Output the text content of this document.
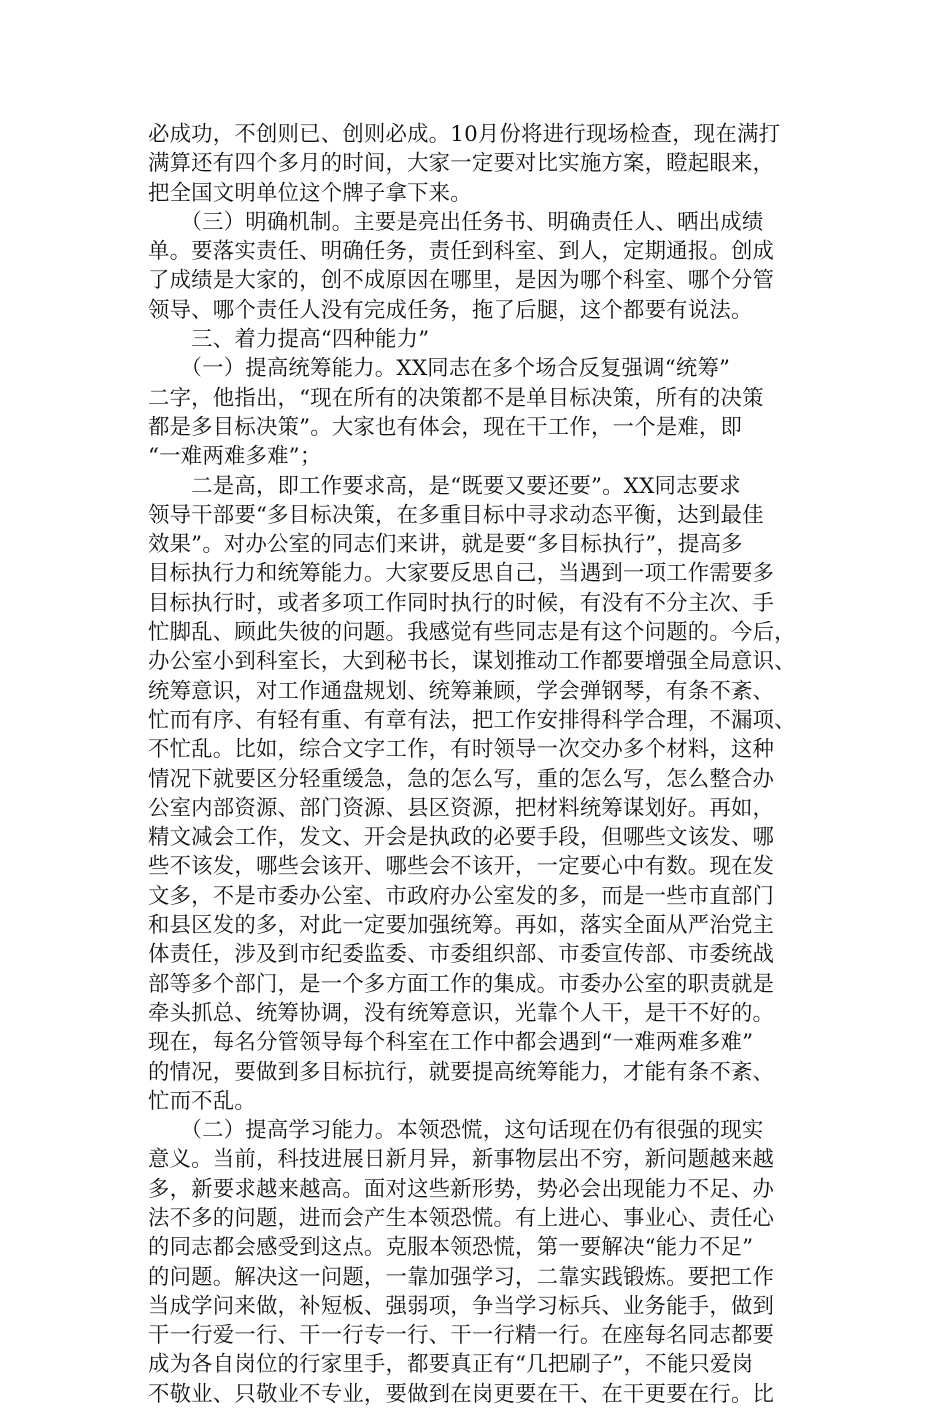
必成功，不创则已、创则必成。10月份将进行现场检查，现在满打
满算还有四个多月的时间，大家一定要对比实施方案，瞪起眼来，
把全国文明单位这个牌子拿下来。
　　（三）明确机制。主要是亮出任务书、明确责任人、晒出成绩
单。要落实责任、明确任务，责任到科室、到人，定期通报。创成
了成绩是大家的，创不成原因在哪里，是因为哪个科室、哪个分管
领导、哪个责任人没有完成任务，拖了后腿，这个都要有说法。
　　三、着力提高“四种能力”
　　（一）提高统筹能力。XX同志在多个场合反复强调“统筹”
二字，他指出，“现在所有的决策都不是单目标决策，所有的决策
都是多目标决策”。大家也有体会，现在干工作，一个是难，即
“一难两难多难”；
　　二是高，即工作要求高，是“既要又要还要”。XX同志要求
领导干部要“多目标决策，在多重目标中寻求动态平衡，达到最佳
效果”。对办公室的同志们来讲，就是要“多目标执行”，提高多
目标执行力和统筹能力。大家要反思自己，当遇到一项工作需要多
目标执行时，或者多项工作同时执行的时候，有没有不分主次、手
忙脚乱、顾此失彼的问题。我感觉有些同志是有这个问题的。今后，
办公室小到科室长，大到秘书长，谋划推动工作都要增强全局意识、
统筹意识，对工作通盘规划、统筹兼顾，学会弹钢琴，有条不紊、
忙而有序、有轻有重、有章有法，把工作安排得科学合理，不漏项、
不忙乱。比如，综合文字工作，有时领导一次交办多个材料，这种
情况下就要区分轻重缓急，急的怎么写，重的怎么写，怎么整合办
公室内部资源、部门资源、县区资源，把材料统筹谋划好。再如，
精文减会工作，发文、开会是执政的必要手段，但哪些文该发、哪
些不该发，哪些会该开、哪些会不该开，一定要心中有数。现在发
文多，不是市委办公室、市政府办公室发的多，而是一些市直部门
和县区发的多，对此一定要加强统筹。再如，落实全面从严治党主
体责任，涉及到市纪委监委、市委组织部、市委宣传部、市委统战
部等多个部门，是一个多方面工作的集成。市委办公室的职责就是
牵头抓总、统筹协调，没有统筹意识，光靠个人干，是干不好的。
现在，每名分管领导每个科室在工作中都会遇到“一难两难多难”
的情况，要做到多目标抗行，就要提高统筹能力，才能有条不紊、
忙而不乱。
　　（二）提高学习能力。本领恐慌，这句话现在仍有很强的现实
意义。当前，科技进展日新月异，新事物层出不穷，新问题越来越
多，新要求越来越高。面对这些新形势，势必会出现能力不足、办
法不多的问题，进而会产生本领恐慌。有上进心、事业心、责任心
的同志都会感受到这点。克服本领恐慌，第一要解决“能力不足”
的问题。解决这一问题，一靠加强学习，二靠实践锻炼。要把工作
当成学问来做，补短板、强弱项，争当学习标兵、业务能手，做到
干一行爱一行、干一行专一行、干一行精一行。在座每名同志都要
成为各自岗位的行家里手，都要真正有“几把刷子”，不能只爱岗
不敬业、只敬业不专业，要做到在岗更要在干、在干更要在行。比
